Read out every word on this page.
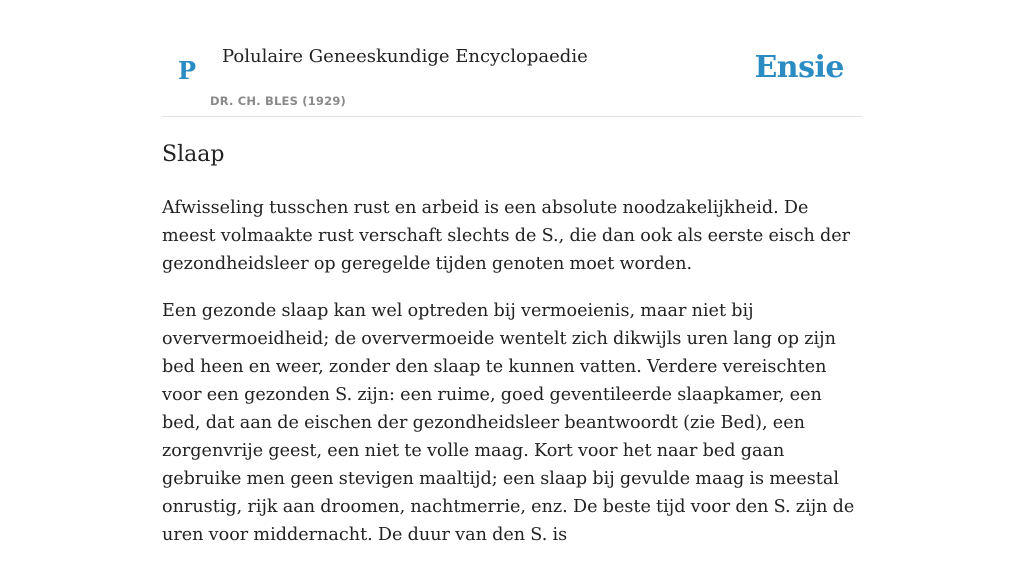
P Polulaire Geneeskundige Encyclopaedie
DR. CH. BLES (1929)
Ensie
Slaap

Afwisseling tusschen rust en arbeid is een absolute noodzakelijkheid. De meest volmaakte rust verschaft slechts de S., die dan ook als eerste eisch der gezondheidsleer op geregelde tijden genoten moet worden.

Een gezonde slaap kan wel optreden bij vermoeienis, maar niet bij oververmoeidheid; de oververmoeide wentelt zich dikwijls uren lang op zijn bed heen en weer, zonder den slaap te kunnen vatten. Verdere vereischten voor een gezonden S. zijn: een ruime, goed geventileerde slaapkamer, een bed, dat aan de eischen der gezondheidsleer beantwoordt (zie Bed), een zorgenvrije geest, een niet te volle maag. Kort voor het naar bed gaan gebruike men geen stevigen maaltijd; een slaap bij gevulde maag is meestal onrustig, rijk aan droomen, nachtmerrie, enz. De beste tijd voor den S. zijn de uren voor middernacht. De duur van den S. is
